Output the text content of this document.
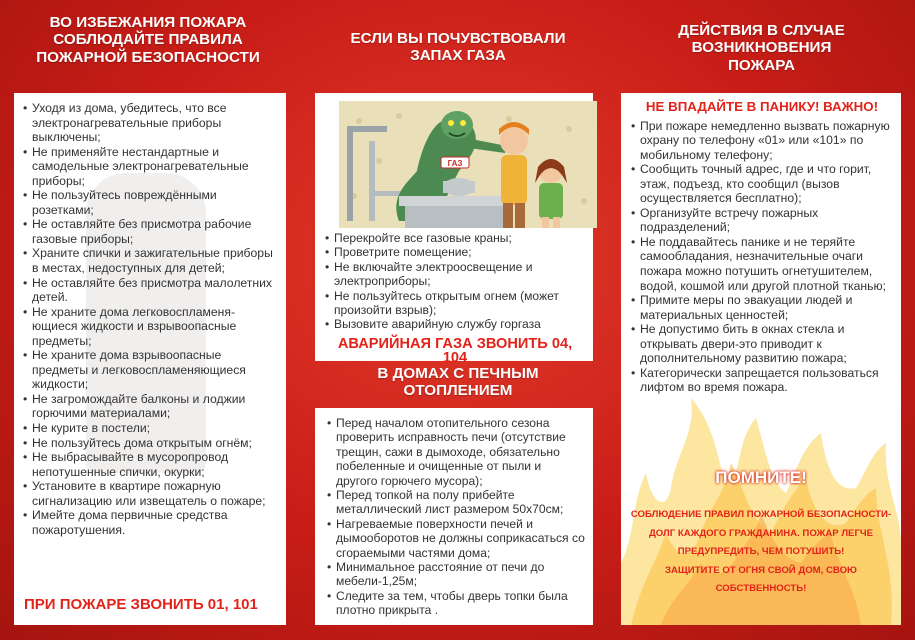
ВО ИЗБЕЖАНИЯ ПОЖАРА
СОБЛЮДАЙТЕ ПРАВИЛА
ПОЖАРНОЙ БЕЗОПАСНОСТИ
• Уходя из дома, убедитесь, что все электронагревательные приборы выключены;
• Не применяйте нестандартные и самодельные электронагревательные приборы;
• Не пользуйтесь повреждёнными розетками;
• Не оставляйте без присмотра рабочие газовые приборы;
• Храните спички и зажигательные приборы в местах, недоступных для детей;
• Не оставляйте без присмотра малолетних детей.
• Не храните дома легковоспламеня-ющиеся жидкости и взрывоопасные предметы;
• Не храните дома взрывоопасные предметы и легковоспламеняющиеся жидкости;
• Не загромождайте балконы и лоджии горючими материалами;
• Не курите в постели;
• Не пользуйтесь дома открытым огнём;
• Не выбрасывайте в мусоропровод непотушенные спички, окурки;
• Установите в квартире пожарную сигнализацию или извещатель о пожаре;
• Имейте дома первичные средства пожаротушения.
ПРИ ПОЖАРЕ ЗВОНИТЬ 01, 101
ЕСЛИ ВЫ ПОЧУВСТВОВАЛИ
ЗАПАХ ГАЗА
ГАЗ
• Перекройте все газовые краны;
• Проветрите помещение;
• Не включайте электроосвещение и электроприборы;
• Не пользуйтесь открытым огнем (может произойти взрыв);
• Вызовите аварийную службу горгаза
АВАРИЙНАЯ ГАЗА ЗВОНИТЬ 04, 104
В ДОМАХ С ПЕЧНЫМ
ОТОПЛЕНИЕМ
• Перед началом отопительного сезона проверить исправность печи (отсутствие трещин, сажи в дымоходе, обязательно побеленные и очищенные от пыли и другого горючего мусора);
• Перед топкой на полу прибейте металлический лист размером 50х70см;
• Нагреваемые поверхности печей и дымооборотов не должны соприкасаться со сгораемыми частями дома;
• Минимальное расстояние от печи до мебели-1,25м;
• Следите за тем, чтобы дверь топки была плотно прикрыта .
ДЕЙСТВИЯ В СЛУЧАЕ
ВОЗНИКНОВЕНИЯ
ПОЖАРА
НЕ ВПАДАЙТЕ В ПАНИКУ! ВАЖНО!
• При пожаре немедленно вызвать пожарную охрану по телефону «01» или «101» по мобильному телефону;
• Сообщить точный адрес, где и что горит, этаж, подъезд, кто сообщил (вызов осуществляется бесплатно);
• Организуйте встречу пожарных подразделений;
• Не поддавайтесь панике и не теряйте самообладания, незначительные очаги пожара можно потушить огнетушителем, водой, кошмой или другой плотной тканью;
• Примите меры по эвакуации людей и материальных ценностей;
• Не допустимо бить в окнах стекла и открывать двери-это приводит к дополнительному развитию пожара;
• Категорически запрещается пользоваться лифтом во время пожара.
ПОМНИТЕ!
СОБЛЮДЕНИЕ ПРАВИЛ ПОЖАРНОЙ БЕЗОПАСНОСТИ-
ДОЛГ КАЖДОГО ГРАЖДАНИНА. ПОЖАР ЛЕГЧЕ
ПРЕДУПРЕДИТЬ, ЧЕМ ПОТУШИТЬ!
ЗАЩИТИТЕ ОТ ОГНЯ СВОЙ ДОМ, СВОЮ
СОБСТВЕННОСТЬ!
